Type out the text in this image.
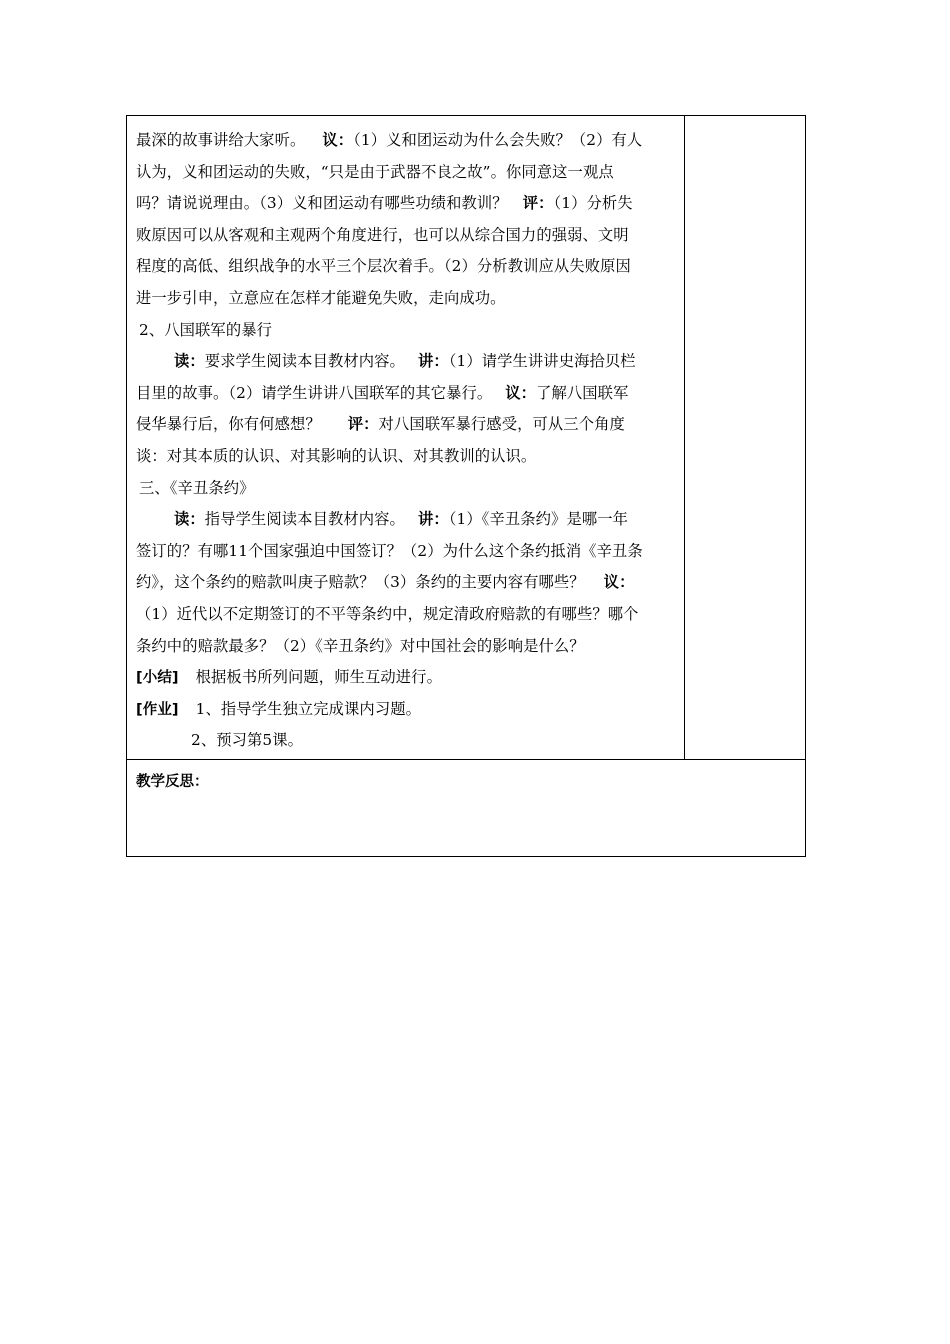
最深的故事讲给大家听。 议：（1）义和团运动为什么会失败？（2）有人
认为，义和团运动的失败，“只是由于武器不良之故”。你同意这一观点
吗？请说说理由。（3）义和团运动有哪些功绩和教训？ 评：（1）分析失
败原因可以从客观和主观两个角度进行，也可以从综合国力的强弱、文明
程度的高低、组织战争的水平三个层次着手。（2）分析教训应从失败原因
进一步引申，立意应在怎样才能避免失败，走向成功。
2、八国联军的暴行
读：要求学生阅读本目教材内容。 讲：（1）请学生讲讲史海拾贝栏
目里的故事。（2）请学生讲讲八国联军的其它暴行。 议：了解八国联军
侵华暴行后，你有何感想？ 评：对八国联军暴行感受，可从三个角度
谈：对其本质的认识、对其影响的认识、对其教训的认识。
三、《辛丑条约》
读：指导学生阅读本目教材内容。 讲：（1）《辛丑条约》是哪一年
签订的？有哪11个国家强迫中国签订？（2）为什么这个条约抵消《辛丑条
约》，这个条约的赔款叫庚子赔款？（3）条约的主要内容有哪些？ 议：
（1）近代以不定期签订的不平等条约中，规定清政府赔款的有哪些？哪个
条约中的赔款最多？（2）《辛丑条约》对中国社会的影响是什么？
[小结] 根据板书所列问题，师生互动进行。
[作业] 1、指导学生独立完成课内习题。
2、预习第5课。
教学反思：
